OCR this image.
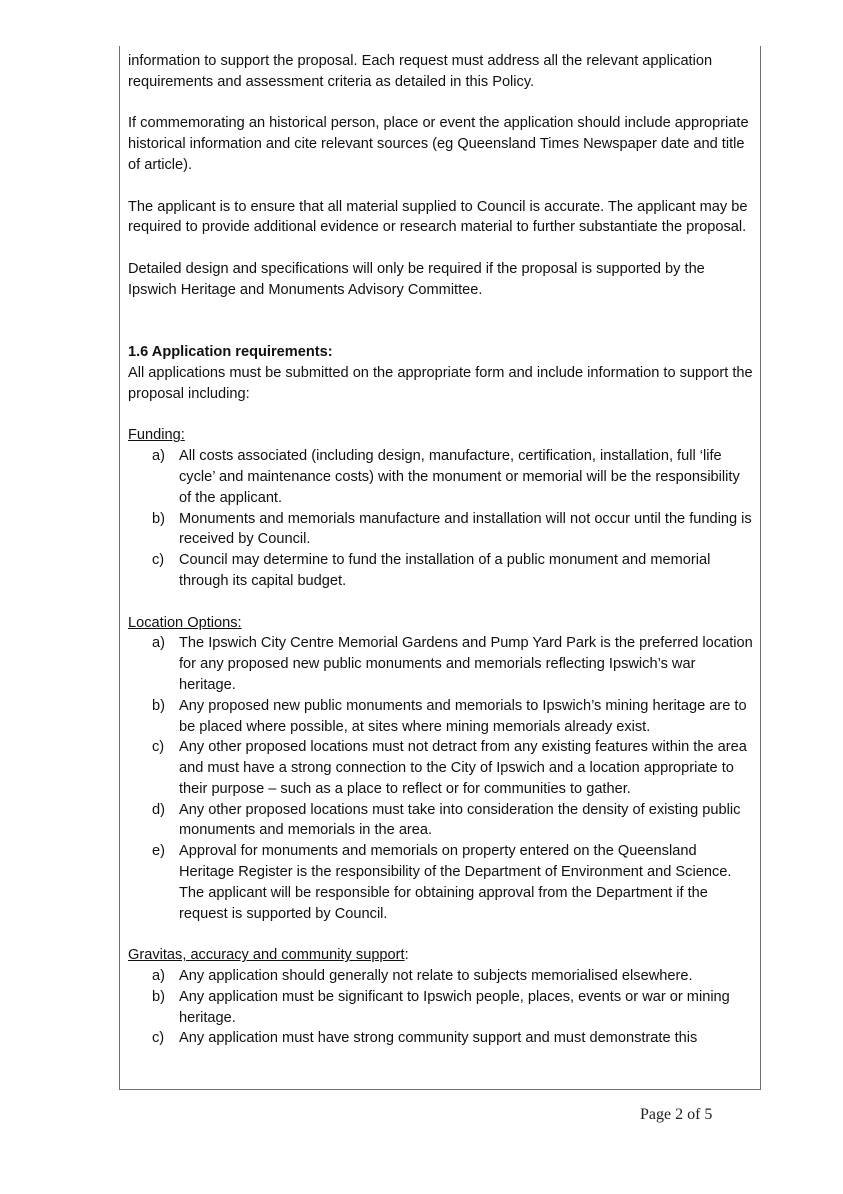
information to support the proposal. Each request must address all the relevant application requirements and assessment criteria as detailed in this Policy.

If commemorating an historical person, place or event the application should include appropriate historical information and cite relevant sources (eg Queensland Times Newspaper date and title of article).

The applicant is to ensure that all material supplied to Council is accurate. The applicant may be required to provide additional evidence or research material to further substantiate the proposal.

Detailed design and specifications will only be required if the proposal is supported by the Ipswich Heritage and Monuments Advisory Committee.

1.6 Application requirements:

All applications must be submitted on the appropriate form and include information to support the proposal including:

Funding:

a) All costs associated (including design, manufacture, certification, installation, full ‘life cycle’ and maintenance costs) with the monument or memorial will be the responsibility of the applicant.
b) Monuments and memorials manufacture and installation will not occur until the funding is received by Council.
c) Council may determine to fund the installation of a public monument and memorial through its capital budget.

Location Options:

a) The Ipswich City Centre Memorial Gardens and Pump Yard Park is the preferred location for any proposed new public monuments and memorials reflecting Ipswich’s war heritage.
b) Any proposed new public monuments and memorials to Ipswich’s mining heritage are to be placed where possible, at sites where mining memorials already exist.
c) Any other proposed locations must not detract from any existing features within the area and must have a strong connection to the City of Ipswich and a location appropriate to their purpose – such as a place to reflect or for communities to gather.
d) Any other proposed locations must take into consideration the density of existing public monuments and memorials in the area.
e) Approval for monuments and memorials on property entered on the Queensland Heritage Register is the responsibility of the Department of Environment and Science. The applicant will be responsible for obtaining approval from the Department if the request is supported by Council.

Gravitas, accuracy and community support:

a) Any application should generally not relate to subjects memorialised elsewhere.
b) Any application must be significant to Ipswich people, places, events or war or mining heritage.
c) Any application must have strong community support and must demonstrate this
Page 2 of 5
